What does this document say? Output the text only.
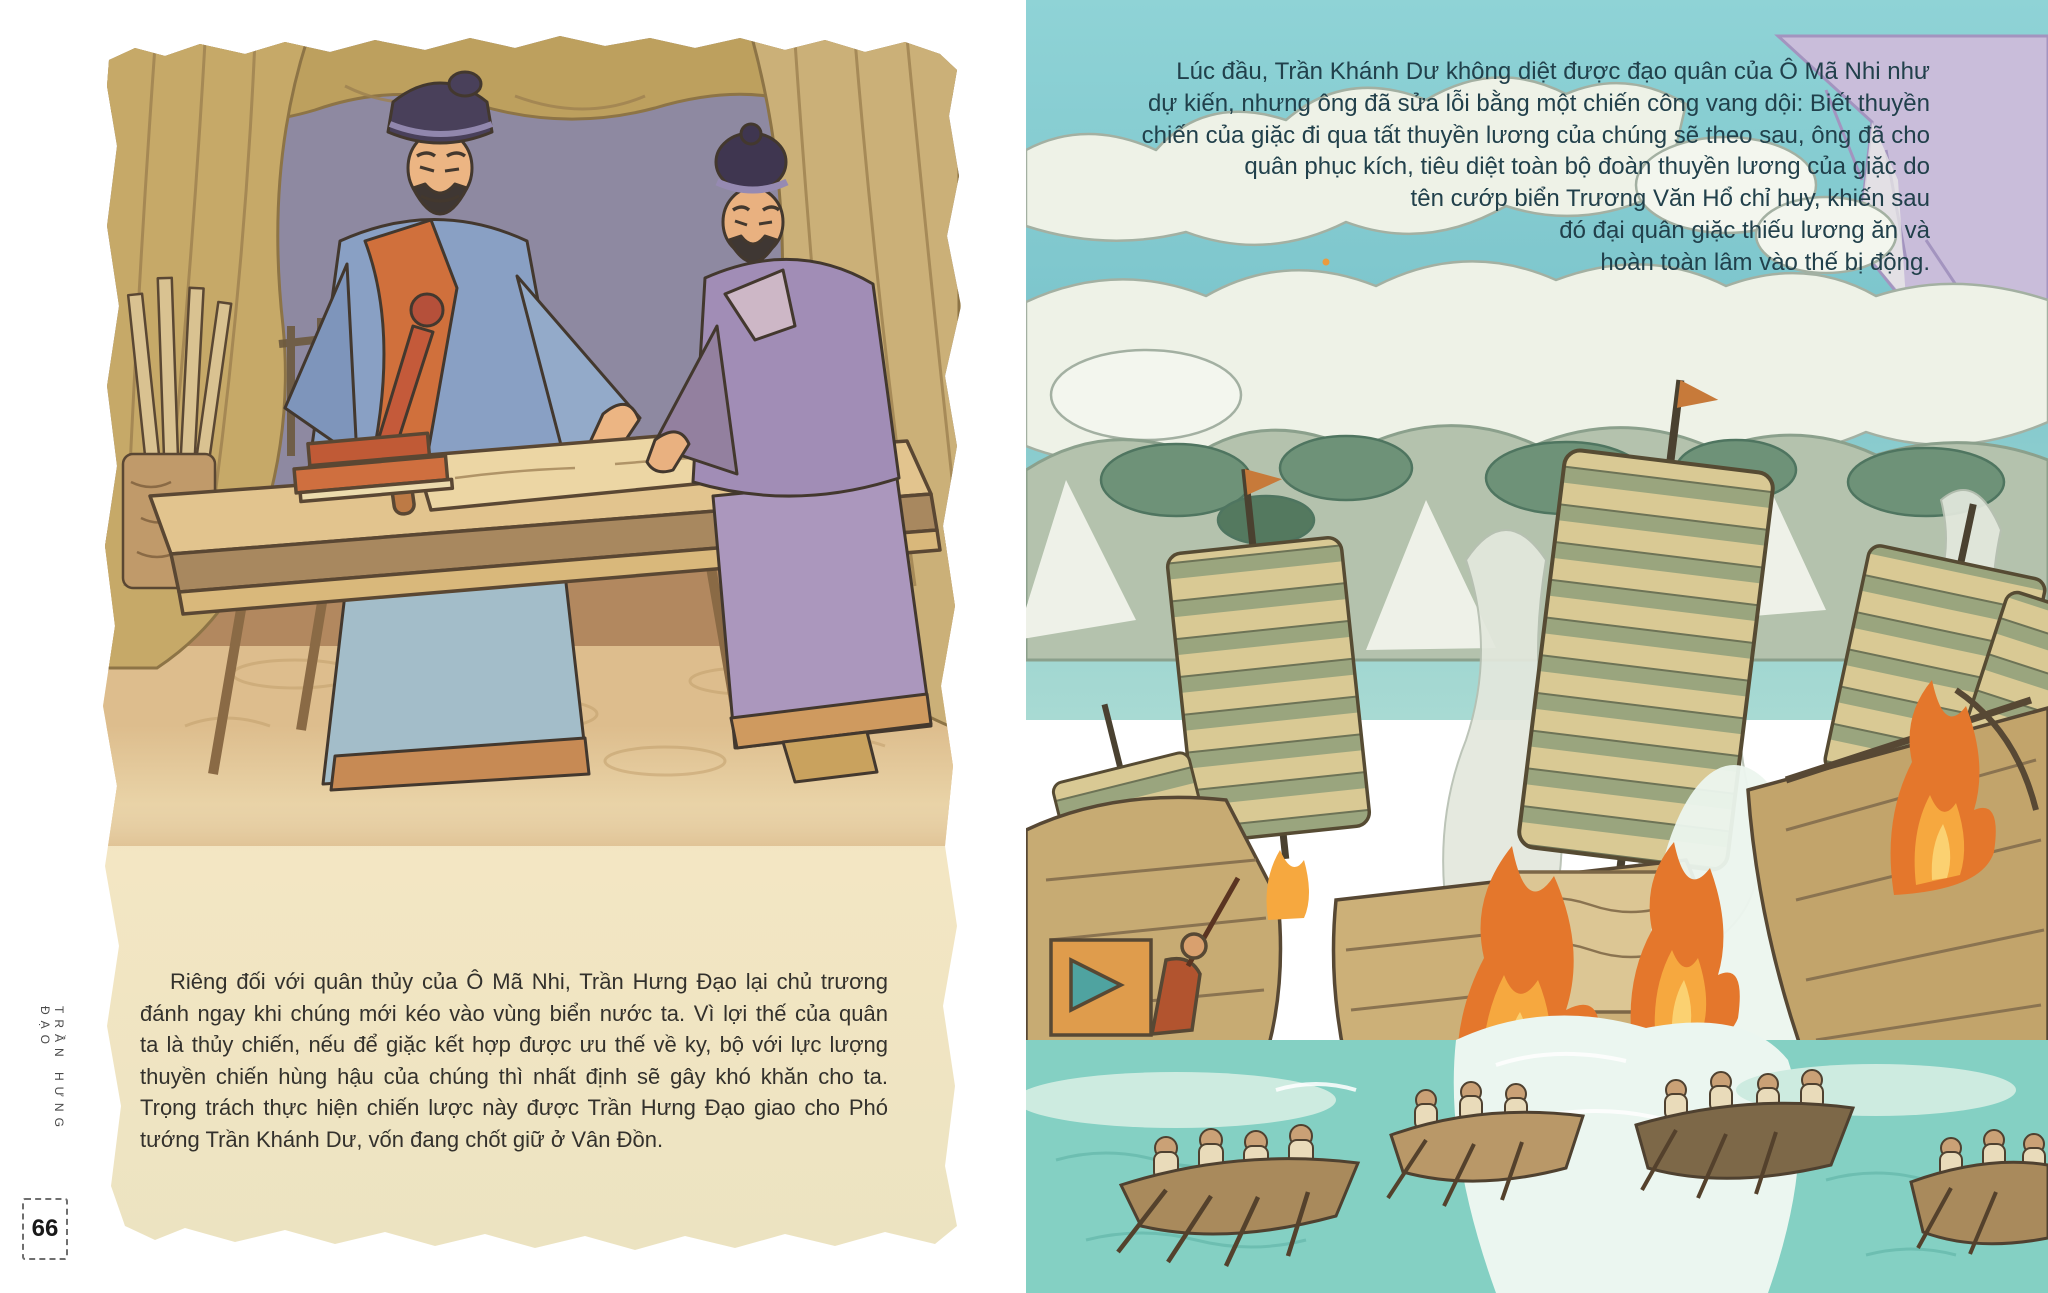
Riêng đối với quân thủy của Ô Mã Nhi, Trần Hưng Đạo lại chủ trương
đánh ngay khi chúng mới kéo vào vùng biển nước ta. Vì lợi thế của quân
ta là thủy chiến, nếu để giặc kết hợp được ưu thế về ky, bộ với lực lượng
thuyền chiến hùng hậu của chúng thì nhất định sẽ gây khó khăn cho ta.
Trọng trách thực hiện chiến lược này được Trần Hưng Đạo giao cho Phó
tướng Trần Khánh Dư, vốn đang chốt giữ ở Vân Đồn.
TRẦN HƯNG ĐẠO
66
Lúc đầu, Trần Khánh Dư không diệt được đạo quân của Ô Mã Nhi như
dự kiến, nhưng ông đã sửa lỗi bằng một chiến công vang dội: Biết thuyền
chiến của giặc đi qua tất thuyền lương của chúng sẽ theo sau, ông đã cho
quân phục kích, tiêu diệt toàn bộ đoàn thuyền lương của giặc do
tên cướp biển Trương Văn Hổ chỉ huy, khiến sau
đó đại quân giặc thiếu lương ăn và
hoàn toàn lâm vào thế bị động.
